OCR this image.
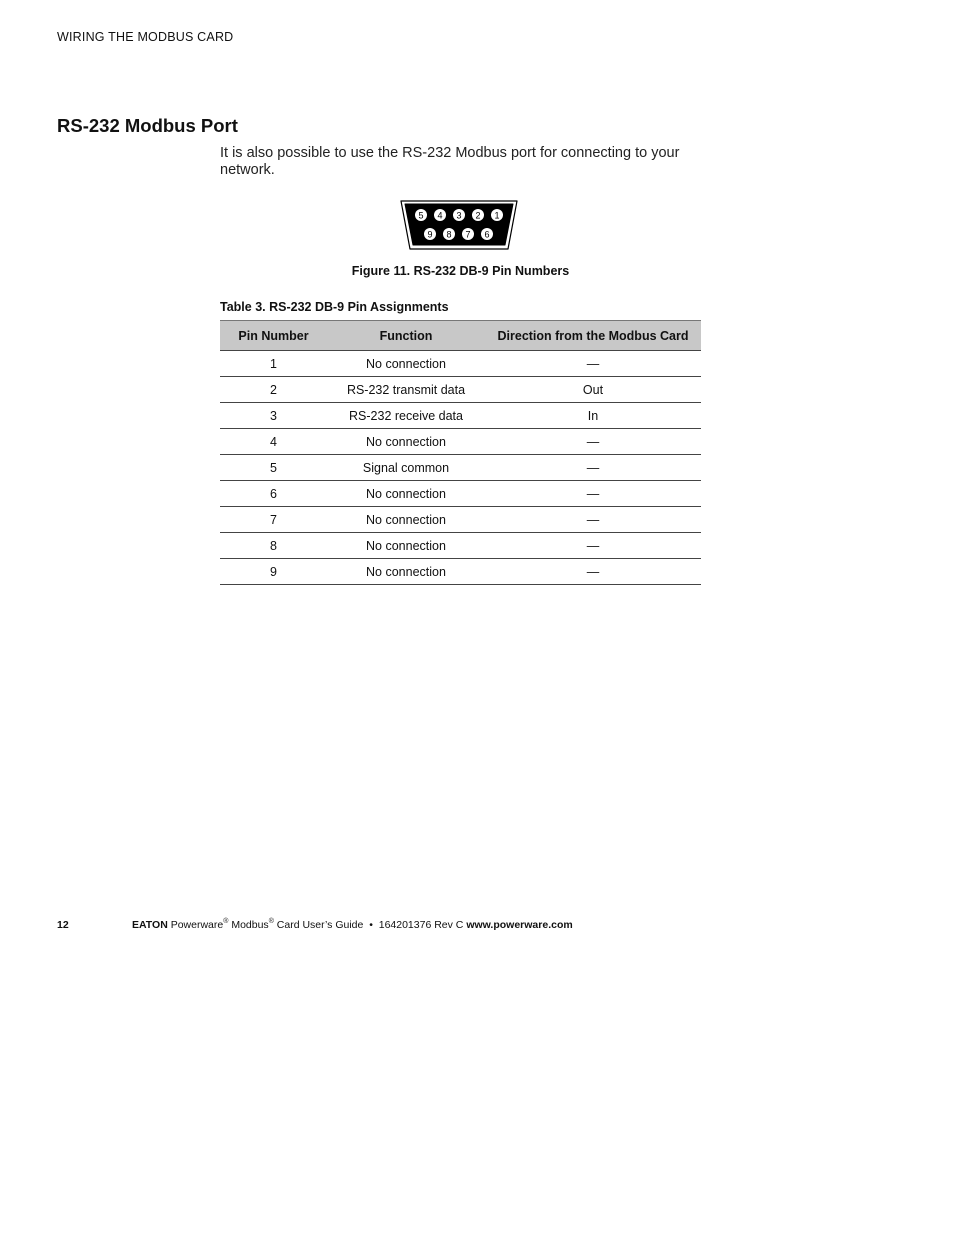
WIRING THE MODBUS CARD
RS-232 Modbus Port

It is also possible to use the RS-232 Modbus port for connecting to your network.

5 4 3 2 1
9 8 7 6
Figure 11. RS-232 DB-9 Pin Numbers
Table 3. RS-232 DB-9 Pin Assignments
Pin Number	Function	Direction from the Modbus Card
1	No connection	—
2	RS-232 transmit data	Out
3	RS-232 receive data	In
4	No connection	—
5	Signal common	—
6	No connection	—
7	No connection	—
8	No connection	—
9	No connection	—
12	EATON Powerware® Modbus® Card User’s Guide • 164201376 Rev C www.powerware.com
